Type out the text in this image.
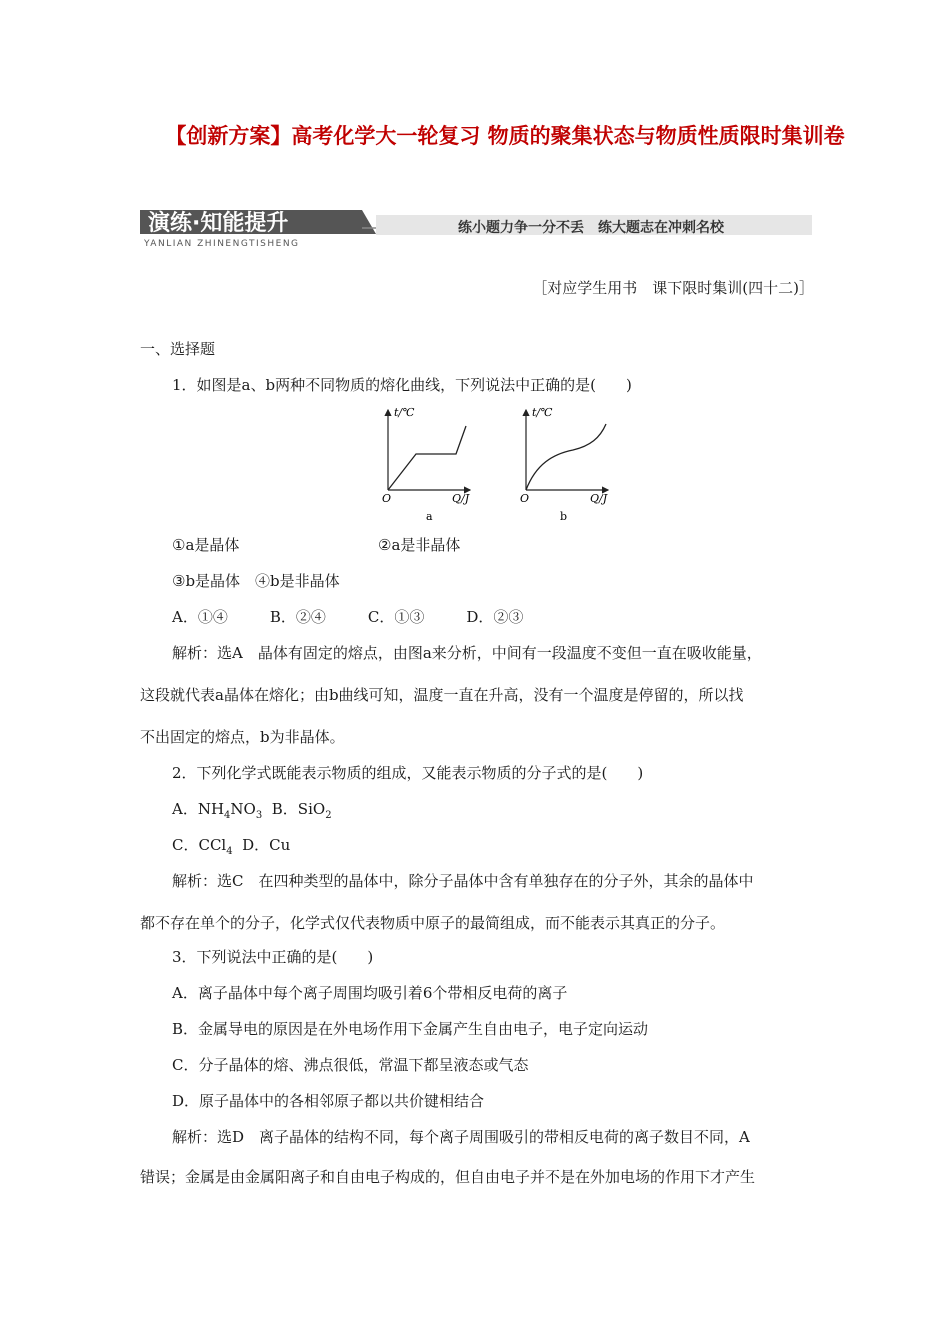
【创新方案】高考化学大一轮复习 物质的聚集状态与物质性质限时集训卷
演练·知能提升
YANLIAN ZHINENGTISHENG
练小题力争一分不丢　练大题志在冲刺名校
［对应学生用书　课下限时集训(四十二)］
一、选择题
1．如图是a、b两种不同物质的熔化曲线，下列说法中正确的是(　　)
t/℃
O	Q/J
a
t/℃
O	Q/J
b
①a是晶体	②a是非晶体
③b是晶体　④b是非晶体
A．①④	B．②④	C．①③	D．②③
解析：选A　晶体有固定的熔点，由图a来分析，中间有一段温度不变但一直在吸收能量，
这段就代表a晶体在熔化；由b曲线可知，温度一直在升高，没有一个温度是停留的，所以找
不出固定的熔点，b为非晶体。
2．下列化学式既能表示物质的组成，又能表示物质的分子式的是(　　)
A．$NH_4NO_3$ B．SiO$_2$
C．CCl$_4$ D．Cu
解析：选C　在四种类型的晶体中，除分子晶体中含有单独存在的分子外，其余的晶体中
都不存在单个的分子，化学式仅代表物质中原子的最简组成，而不能表示其真正的分子。
3．下列说法中正确的是(　　)
A．离子晶体中每个离子周围均吸引着6个带相反电荷的离子
B．金属导电的原因是在外电场作用下金属产生自由电子，电子定向运动
C．分子晶体的熔、沸点很低，常温下都呈液态或气态
D．原子晶体中的各相邻原子都以共价键相结合
解析：选D　离子晶体的结构不同，每个离子周围吸引的带相反电荷的离子数目不同，A
错误；金属是由金属阳离子和自由电子构成的，但自由电子并不是在外加电场的作用下才产生
